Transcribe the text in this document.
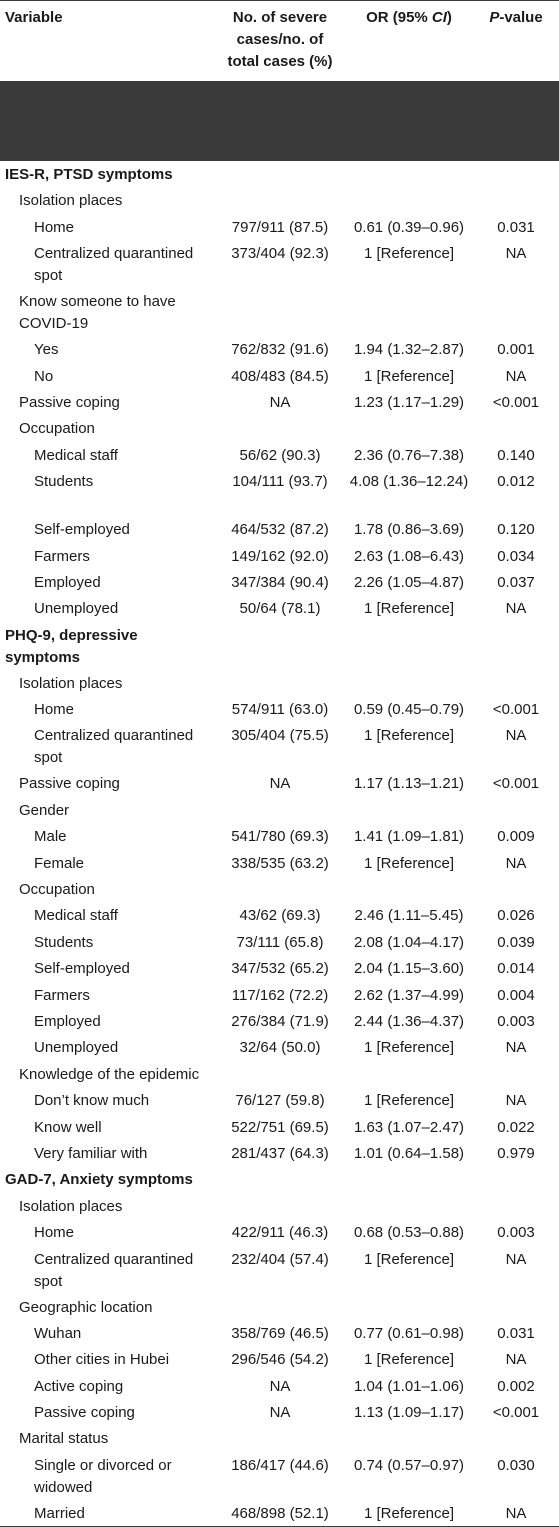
Variable	No. of severe
cases/no. of
total cases (%)	OR (95% CI)	P-value

IES-R, PTSD symptoms			
Isolation places			
Home	797/911 (87.5)	0.61 (0.39–0.96)	0.031
Centralized quarantined spot	373/404 (92.3)	1 [Reference]	NA
Know someone to have COVID-19			
Yes	762/832 (91.6)	1.94 (1.32–2.87)	0.001
No	408/483 (84.5)	1 [Reference]	NA
Passive coping	NA	1.23 (1.17–1.29)	<0.001
Occupation			
Medical staff	56/62 (90.3)	2.36 (0.76–7.38)	0.140
Students	104/111 (93.7)	4.08 (1.36–12.24)	0.012
Self-employed	464/532 (87.2)	1.78 (0.86–3.69)	0.120
Farmers	149/162 (92.0)	2.63 (1.08–6.43)	0.034
Employed	347/384 (90.4)	2.26 (1.05–4.87)	0.037
Unemployed	50/64 (78.1)	1 [Reference]	NA
PHQ-9, depressive symptoms			
Isolation places			
Home	574/911 (63.0)	0.59 (0.45–0.79)	<0.001
Centralized quarantined spot	305/404 (75.5)	1 [Reference]	NA
Passive coping	NA	1.17 (1.13–1.21)	<0.001
Gender			
Male	541/780 (69.3)	1.41 (1.09–1.81)	0.009
Female	338/535 (63.2)	1 [Reference]	NA
Occupation			
Medical staff	43/62 (69.3)	2.46 (1.11–5.45)	0.026
Students	73/111 (65.8)	2.08 (1.04–4.17)	0.039
Self-employed	347/532 (65.2)	2.04 (1.15–3.60)	0.014
Farmers	117/162 (72.2)	2.62 (1.37–4.99)	0.004
Employed	276/384 (71.9)	2.44 (1.36–4.37)	0.003
Unemployed	32/64 (50.0)	1 [Reference]	NA
Knowledge of the epidemic			
Don’t know much	76/127 (59.8)	1 [Reference]	NA
Know well	522/751 (69.5)	1.63 (1.07–2.47)	0.022
Very familiar with	281/437 (64.3)	1.01 (0.64–1.58)	0.979
GAD-7, Anxiety symptoms			
Isolation places			
Home	422/911 (46.3)	0.68 (0.53–0.88)	0.003
Centralized quarantined spot	232/404 (57.4)	1 [Reference]	NA
Geographic location			
Wuhan	358/769 (46.5)	0.77 (0.61–0.98)	0.031
Other cities in Hubei	296/546 (54.2)	1 [Reference]	NA
Active coping	NA	1.04 (1.01–1.06)	0.002
Passive coping	NA	1.13 (1.09–1.17)	<0.001
Marital status			
Single or divorced or widowed	186/417 (44.6)	0.74 (0.57–0.97)	0.030
Married	468/898 (52.1)	1 [Reference]	NA
